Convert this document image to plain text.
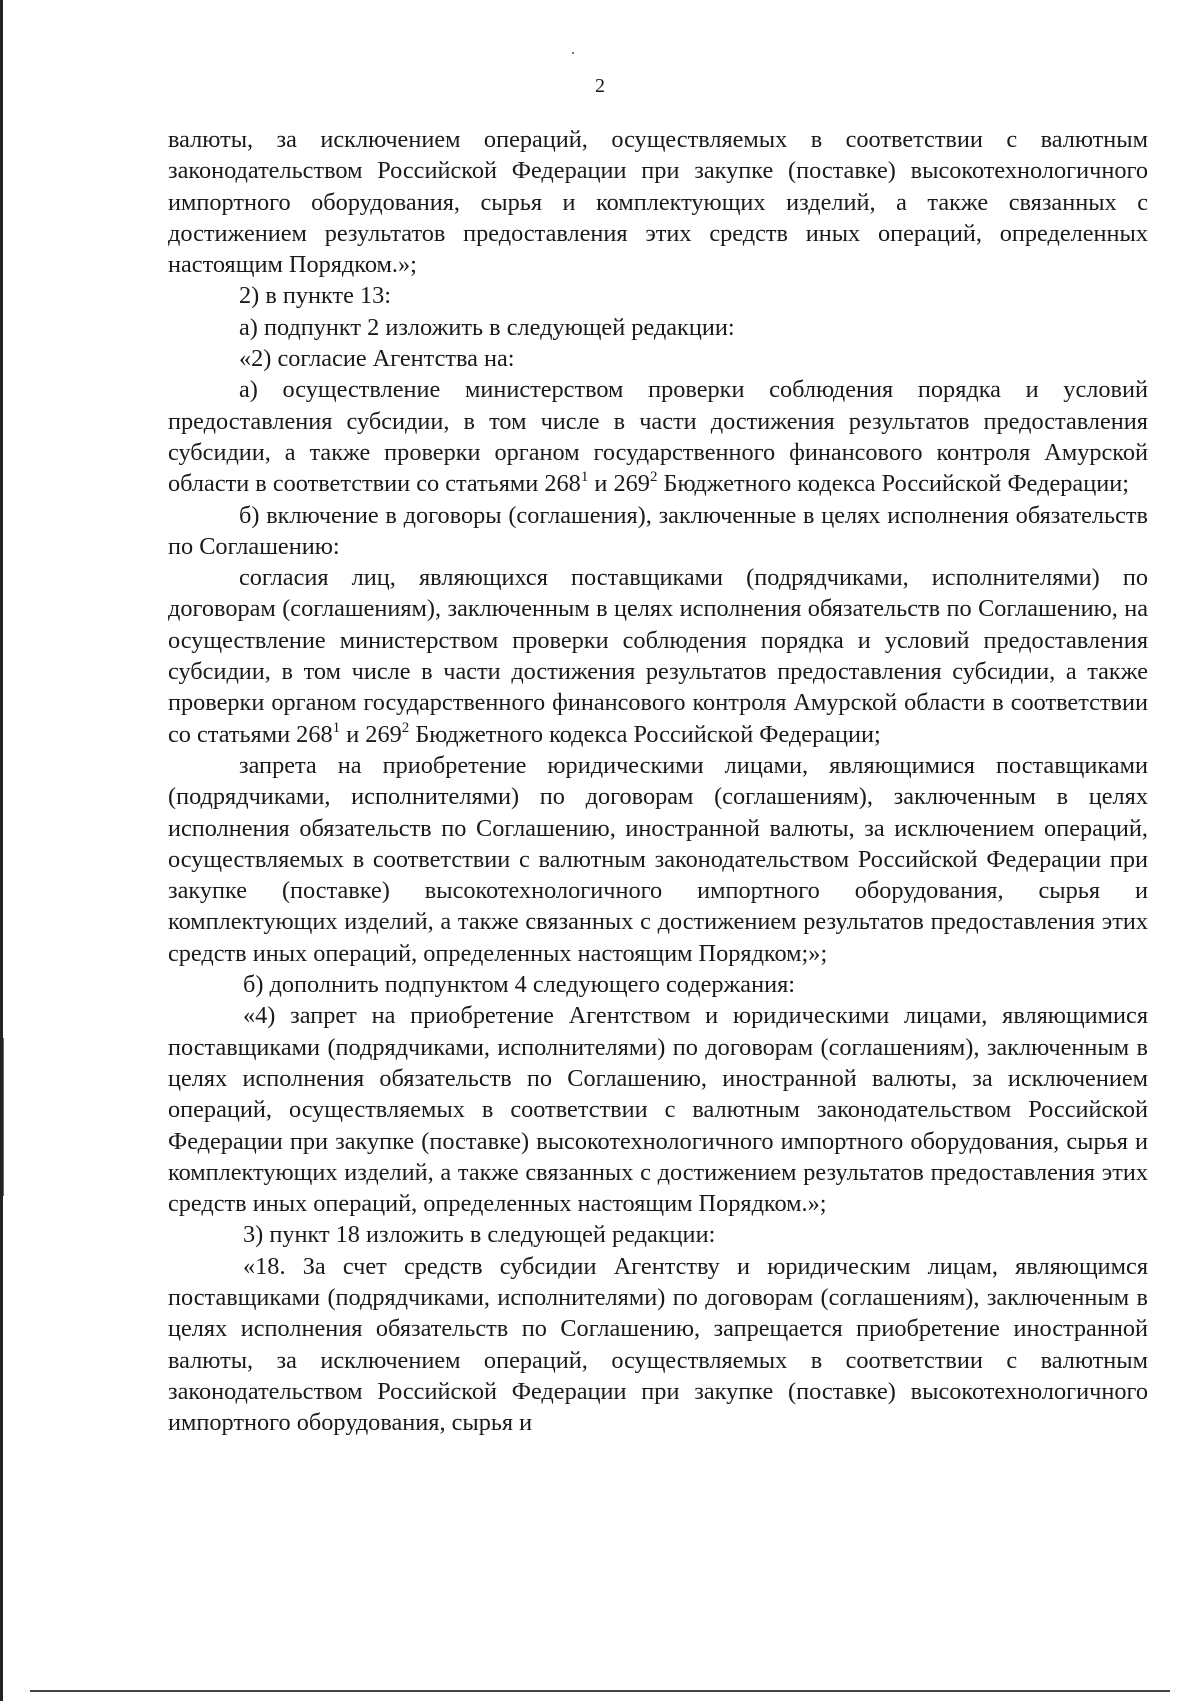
2

валюты, за исключением операций, осуществляемых в соответствии с валютным законодательством Российской Федерации при закупке (поставке) высокотехнологичного импортного оборудования, сырья и комплектующих изделий, а также связанных с достижением результатов предоставления этих средств иных операций, определенных настоящим Порядком.»;

2) в пункте 13:

а) подпункт 2 изложить в следующей редакции:

«2) согласие Агентства на:

а) осуществление министерством проверки соблюдения порядка и условий предоставления субсидии, в том числе в части достижения результатов предоставления субсидии, а также проверки органом государственного финансового контроля Амурской области в соответствии со статьями $268^1$ и $269^2$ Бюджетного кодекса Российской Федерации;

б) включение в договоры (соглашения), заключенные в целях исполнения обязательств по Соглашению:

согласия лиц, являющихся поставщиками (подрядчиками, исполнителями) по договорам (соглашениям), заключенным в целях исполнения обязательств по Соглашению, на осуществление министерством проверки соблюдения порядка и условий предоставления субсидии, в том числе в части достижения результатов предоставления субсидии, а также проверки органом государственного финансового контроля Амурской области в соответствии со статьями $268^1$ и $269^2$ Бюджетного кодекса Российской Федерации;

запрета на приобретение юридическими лицами, являющимися поставщиками (подрядчиками, исполнителями) по договорам (соглашениям), заключенным в целях исполнения обязательств по Соглашению, иностранной валюты, за исключением операций, осуществляемых в соответствии с валютным законодательством Российской Федерации при закупке (поставке) высокотехнологичного импортного оборудования, сырья и комплектующих изделий, а также связанных с достижением результатов предоставления этих средств иных операций, определенных настоящим Порядком;»;

б) дополнить подпунктом 4 следующего содержания:

«4) запрет на приобретение Агентством и юридическими лицами, являющимися поставщиками (подрядчиками, исполнителями) по договорам (соглашениям), заключенным в целях исполнения обязательств по Соглашению, иностранной валюты, за исключением операций, осуществляемых в соответствии с валютным законодательством Российской Федерации при закупке (поставке) высокотехнологичного импортного оборудования, сырья и комплектующих изделий, а также связанных с достижением результатов предоставления этих средств иных операций, определенных настоящим Порядком.»;

3) пункт 18 изложить в следующей редакции:

«18. За счет средств субсидии Агентству и юридическим лицам, являющимся поставщиками (подрядчиками, исполнителями) по договорам (соглашениям), заключенным в целях исполнения обязательств по Соглашению, запрещается приобретение иностранной валюты, за исключением операций, осуществляемых в соответствии с валютным законодательством Российской Федерации при закупке (поставке) высокотехнологичного импортного оборудования, сырья и
